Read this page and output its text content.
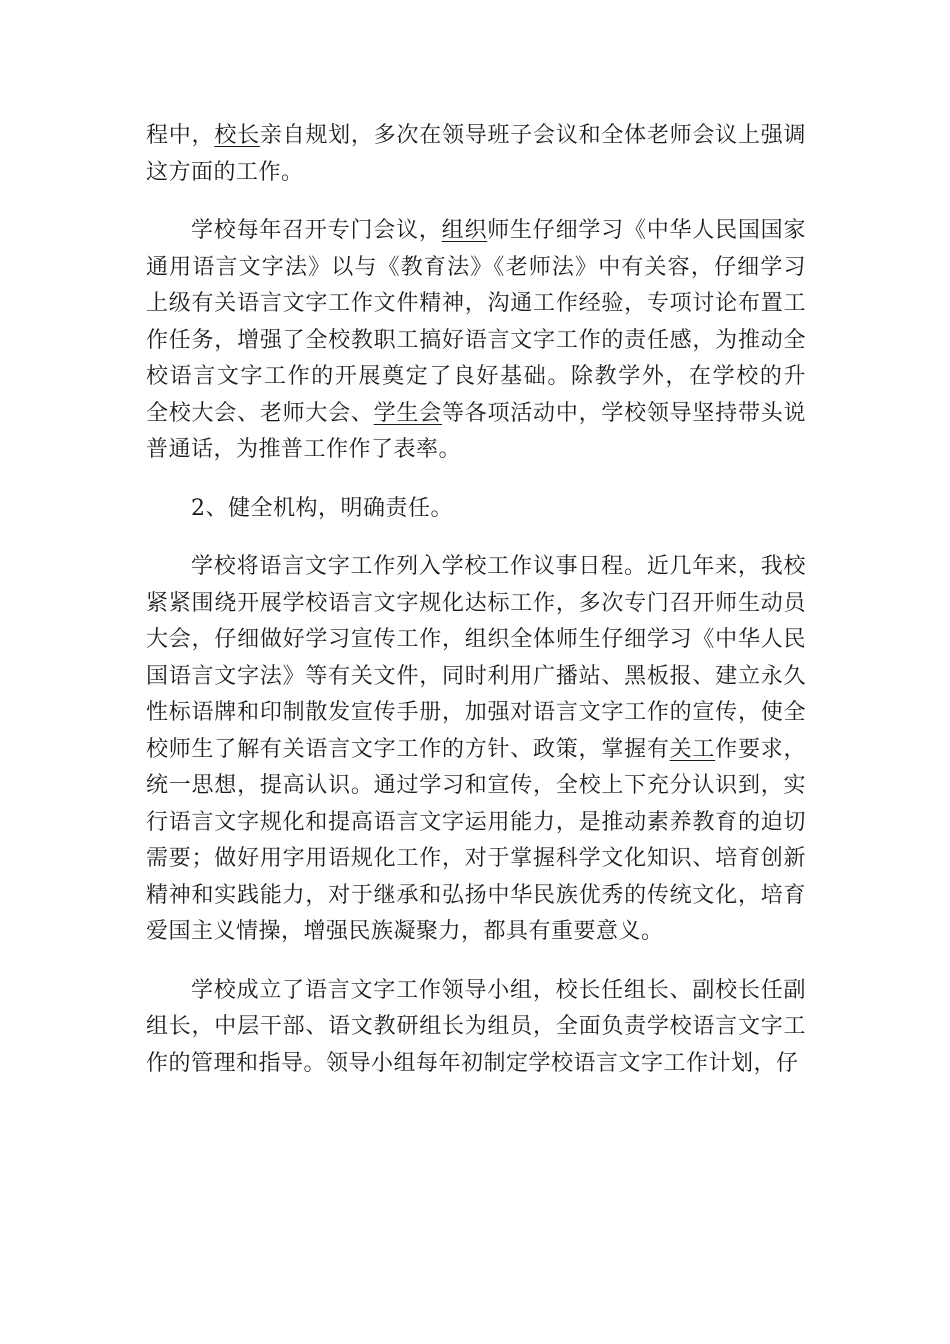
程中，校长亲自规划，多次在领导班子会议和全体老师会议上强调
这方面的工作。
学校每年召开专门会议，组织师生仔细学习《中华人民国国家
通用语言文字法》以与《教育法》《老师法》中有关容，仔细学习
上级有关语言文字工作文件精神，沟通工作经验，专项讨论布置工
作任务，增强了全校教职工搞好语言文字工作的责任感，为推动全
校语言文字工作的开展奠定了良好基础。除教学外，在学校的升
全校大会、老师大会、学生会等各项活动中，学校领导坚持带头说
普通话，为推普工作作了表率。
2、健全机构，明确责任。
学校将语言文字工作列入学校工作议事日程。近几年来，我校
紧紧围绕开展学校语言文字规化达标工作，多次专门召开师生动员
大会，仔细做好学习宣传工作，组织全体师生仔细学习《中华人民
国语言文字法》等有关文件，同时利用广播站、黑板报、建立永久
性标语牌和印制散发宣传手册，加强对语言文字工作的宣传，使全
校师生了解有关语言文字工作的方针、政策，掌握有关工作要求，
统一思想，提高认识。通过学习和宣传，全校上下充分认识到，实
行语言文字规化和提高语言文字运用能力，是推动素养教育的迫切
需要；做好用字用语规化工作，对于掌握科学文化知识、培育创新
精神和实践能力，对于继承和弘扬中华民族优秀的传统文化，培育
爱国主义情操，增强民族凝聚力，都具有重要意义。
学校成立了语言文字工作领导小组，校长任组长、副校长任副
组长，中层干部、语文教研组长为组员，全面负责学校语言文字工
作的管理和指导。领导小组每年初制定学校语言文字工作计划，仔
